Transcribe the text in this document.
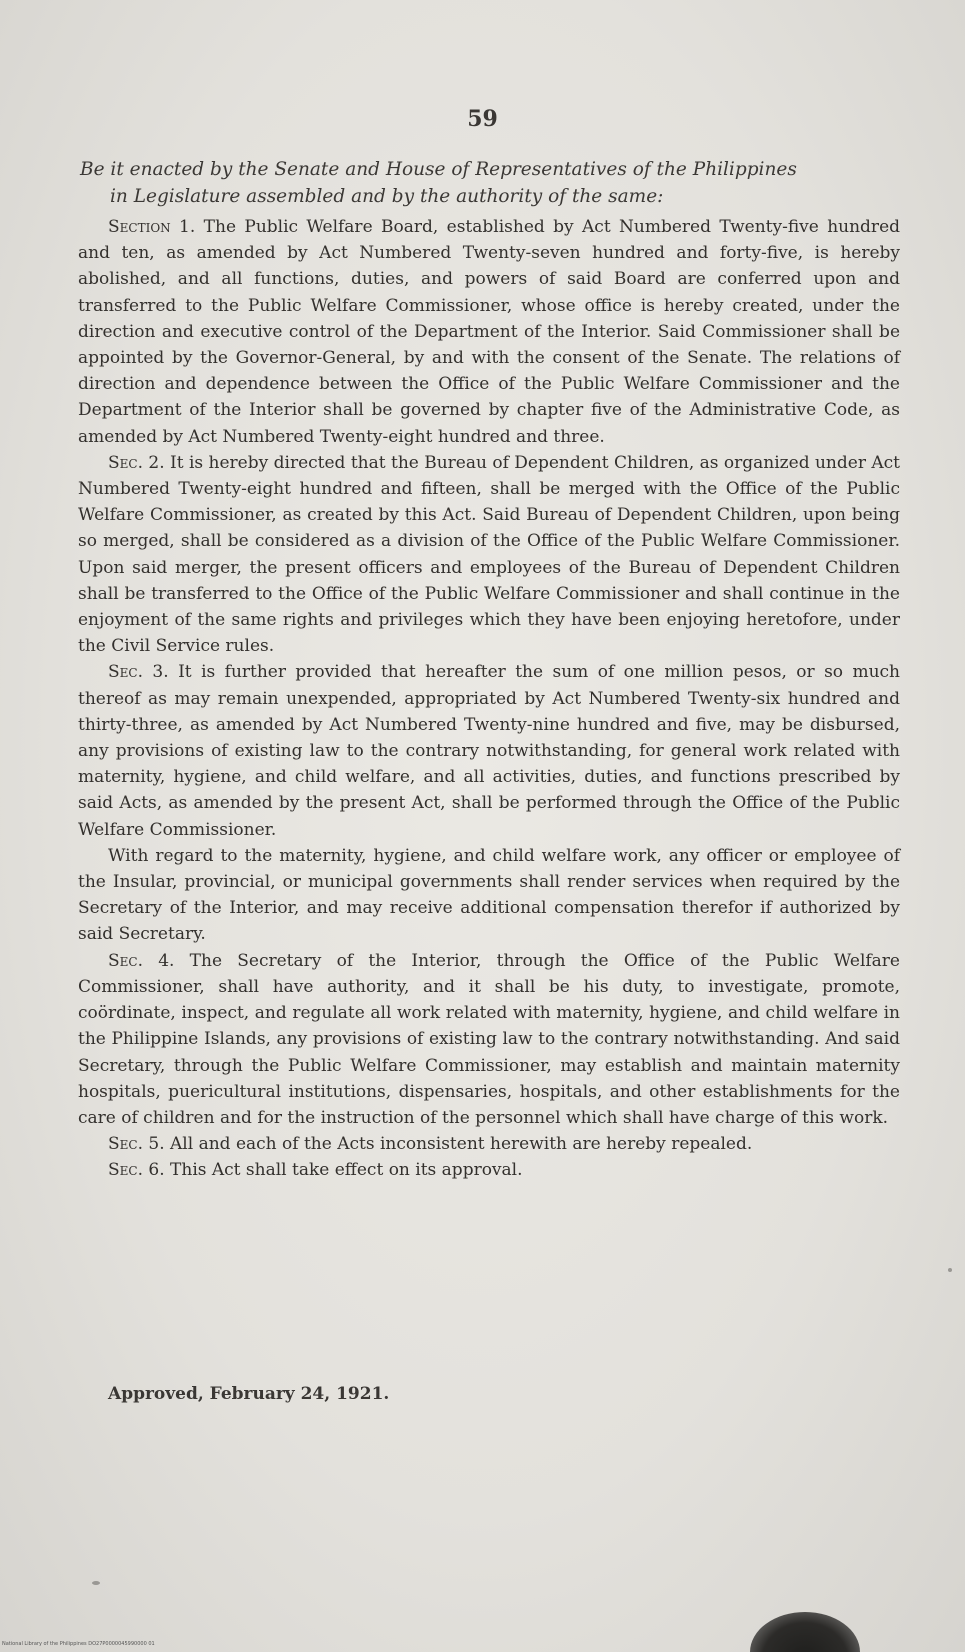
59
Be it enacted by the Senate and House of Representatives of the Philippines
in Legislature assembled and by the authority of the same:

Section 1. The Public Welfare Board, established by Act Numbered Twenty-five hundred and ten, as amended by Act Numbered Twenty-seven hundred and forty-five, is hereby abolished, and all functions, duties, and powers of said Board are conferred upon and transferred to the Public Welfare Commissioner, whose office is hereby created, under the direction and executive control of the Department of the Interior. Said Commissioner shall be appointed by the Governor-General, by and with the consent of the Senate. The relations of direction and dependence between the Office of the Public Welfare Commissioner and the Department of the Interior shall be governed by chapter five of the Administrative Code, as amended by Act Numbered Twenty-eight hundred and three.

Sec. 2. It is hereby directed that the Bureau of Dependent Children, as organized under Act Numbered Twenty-eight hundred and fifteen, shall be merged with the Office of the Public Welfare Commissioner, as created by this Act. Said Bureau of Dependent Children, upon being so merged, shall be considered as a division of the Office of the Public Welfare Commissioner. Upon said merger, the present officers and employees of the Bureau of Dependent Children shall be transferred to the Office of the Public Welfare Commissioner and shall continue in the enjoyment of the same rights and privileges which they have been enjoying heretofore, under the Civil Service rules.

Sec. 3. It is further provided that hereafter the sum of one million pesos, or so much thereof as may remain unexpended, appropriated by Act Numbered Twenty-six hundred and thirty-three, as amended by Act Numbered Twenty-nine hundred and five, may be disbursed, any provisions of existing law to the contrary notwithstanding, for general work related with maternity, hygiene, and child welfare, and all activities, duties, and functions prescribed by said Acts, as amended by the present Act, shall be performed through the Office of the Public Welfare Commissioner.

With regard to the maternity, hygiene, and child welfare work, any officer or employee of the Insular, provincial, or municipal governments shall render services when required by the Secretary of the Interior, and may receive additional compensation therefor if authorized by said Secretary.

Sec. 4. The Secretary of the Interior, through the Office of the Public Welfare Commissioner, shall have authority, and it shall be his duty, to investigate, promote, coördinate, inspect, and regulate all work related with maternity, hygiene, and child welfare in the Philippine Islands, any provisions of existing law to the contrary notwithstanding. And said Secretary, through the Public Welfare Commissioner, may establish and maintain maternity hospitals, puericultural institutions, dispensaries, hospitals, and other establishments for the care of children and for the instruction of the personnel which shall have charge of this work.

Sec. 5. All and each of the Acts inconsistent herewith are hereby repealed.

Sec. 6. This Act shall take effect on its approval.

Approved, February 24, 1921.
National Library of the Philippines DO27P0000045990000 01
